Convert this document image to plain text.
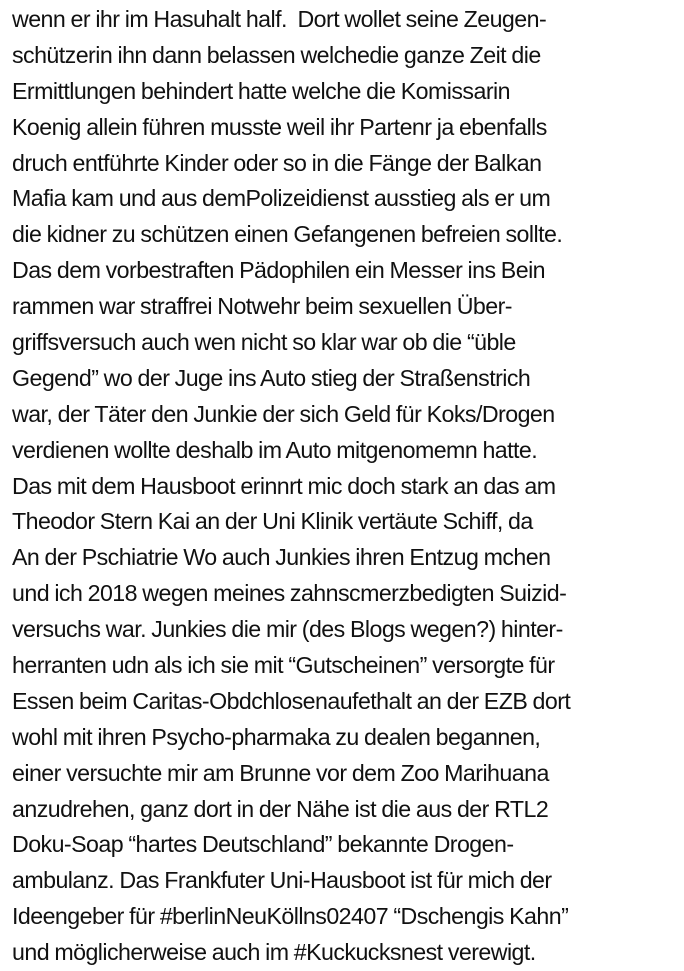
wenn er ihr im Hasuhalt half.  Dort wollet seine Zeugen-
schützerin ihn dann belassen welchedie ganze Zeit die
Ermittlungen behindert hatte welche die Komissarin
Koenig allein führen musste weil ihr Partenr ja ebenfalls
druch entführte Kinder oder so in die Fänge der Balkan
Mafia kam und aus demPolizeidienst ausstieg als er um
die kidner zu schützen einen Gefangenen befreien sollte.
Das dem vorbestraften Pädophilen ein Messer ins Bein
rammen war straffrei Notwehr beim sexuellen Über-
griffsversuch auch wen nicht so klar war ob die “üble
Gegend” wo der Juge ins Auto stieg der Straßenstrich
war, der Täter den Junkie der sich Geld für Koks/Drogen
verdienen wollte deshalb im Auto mitgenomemn hatte.
Das mit dem Hausboot erinnrt mic doch stark an das am
Theodor Stern Kai an der Uni Klinik vertäute Schiff, da
An der Pschiatrie Wo auch Junkies ihren Entzug mchen
und ich 2018 wegen meines zahnscmerzbedigten Suizid-
versuchs war. Junkies die mir (des Blogs wegen?) hinter-
herranten udn als ich sie mit “Gutscheinen” versorgte für
Essen beim Caritas-Obdchlosenaufethalt an der EZB dort
wohl mit ihren Psycho-pharmaka zu dealen begannen,
einer versuchte mir am Brunne vor dem Zoo Marihuana
anzudrehen, ganz dort in der Nähe ist die aus der RTL2
Doku-Soap “hartes Deutschland” bekannte Drogen-
ambulanz. Das Frankfuter Uni-Hausboot ist für mich der
Ideengeber für #berlinNeuKöllns02407 “Dschengis Kahn”
und möglicherweise auch im #Kuckucksnest verewigt.
